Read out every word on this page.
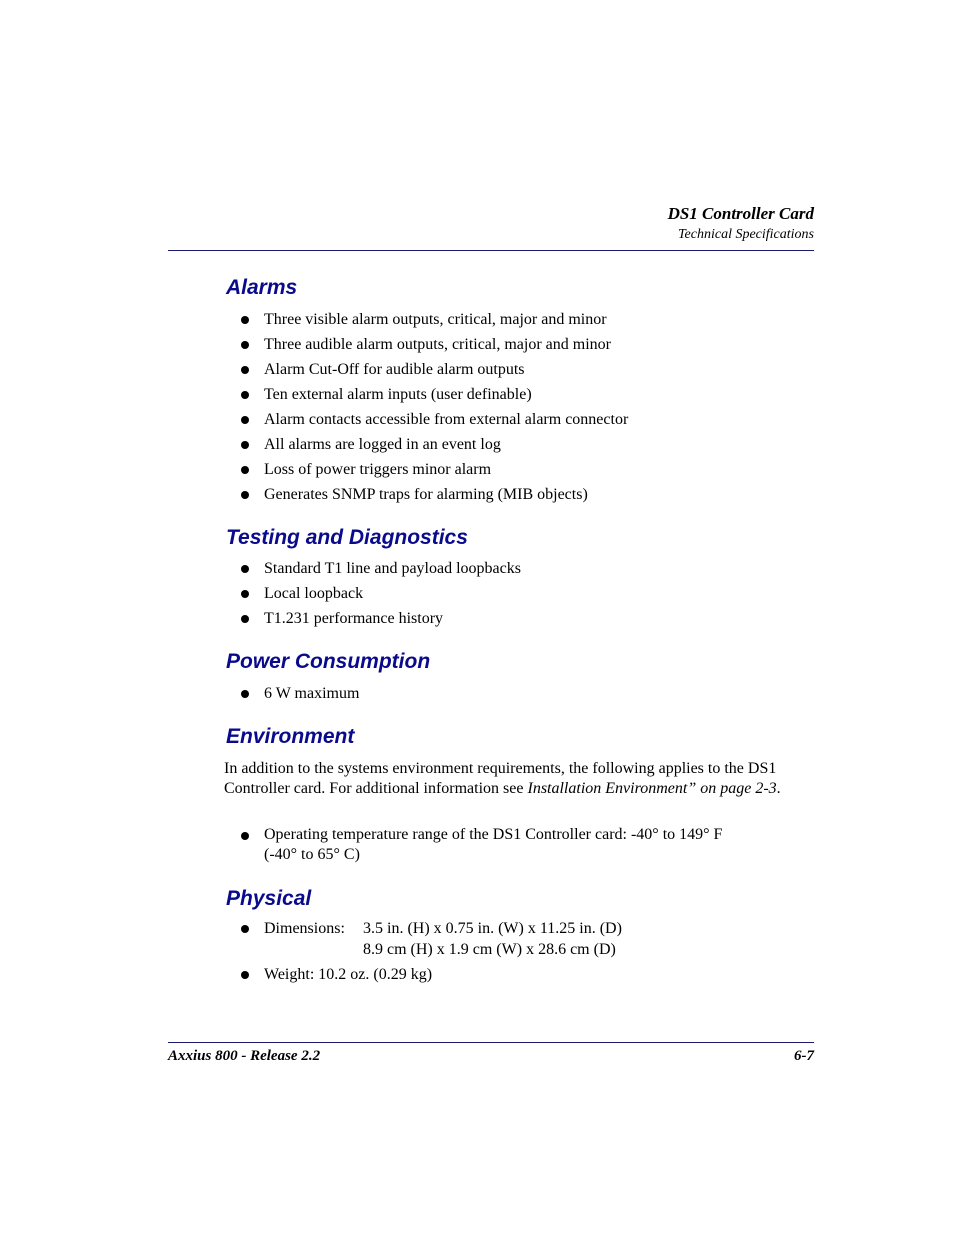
DS1 Controller Card
Technical Specifications
Alarms
Three visible alarm outputs, critical, major and minor
Three audible alarm outputs, critical, major and minor
Alarm Cut-Off for audible alarm outputs
Ten external alarm inputs (user definable)
Alarm contacts accessible from external alarm connector
All alarms are logged in an event log
Loss of power triggers minor alarm
Generates SNMP traps for alarming (MIB objects)
Testing and Diagnostics
Standard T1 line and payload loopbacks
Local loopback
T1.231 performance history
Power Consumption
6 W maximum
Environment

In addition to the systems environment requirements, the following applies to the DS1 Controller card. For additional information see Installation Environment” on page 2-3.

Operating temperature range of the DS1 Controller card: -40° to 149° F
(-40° to 65° C)
Physical
Dimensions:	3.5 in. (H) x 0.75 in. (W) x 11.25 in. (D)
8.9 cm (H) x 1.9 cm (W) x 28.6 cm (D)
Weight: 10.2 oz. (0.29 kg)
Axxius 800 - Release 2.2	6-7
